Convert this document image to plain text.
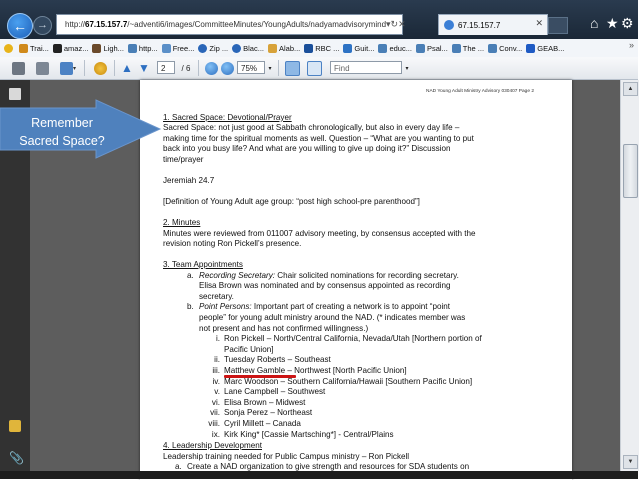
← →	http://67.15.157.7/~adventi6/images/CommitteeMinutes/YoungAdults/nadyamadvisorymind ▾ ↻ ✕	67.15.157.7	✕	⌂ ★ ⚙
Trai... amaz... Ligh... http... Free... Zip ... Blac... Alab... RBC ... Guit... educ... Psal... The ... Conv... GEAB...	»
▾	▲ ▼	2	/ 6	75%	▾	Find	▾
📎
NAD Young Adult Ministry Advisory 030407 Page 2
1. Sacred Space: Devotional/Prayer
Sacred Space: not just good at Sabbath chronologically, but also in every day life –
making time for the spiritual moments as well. Question – “What are you wanting to put
back into you busy life? And what are you willing to give up doing it?” Discussion
time/prayer
Jeremiah 24.7
[Definition of Young Adult age group: “post high school-pre parenthood”]
2. Minutes
Minutes were reviewed from 011007 advisory meeting, by consensus accepted with the
revision noting Ron Pickell’s presence.
3. Team Appointments
a. Recording Secretary: Chair solicited nominations for recording secretary.
Elisa Brown was nominated and by consensus appointed as recording
secretary.
b. Point Persons: Important part of creating a network is to appoint “point
people” for young adult ministry around the NAD. (* indicates member was
not present and has not confirmed willingness.)
i. Ron Pickell – North/Central California, Nevada/Utah [Northern portion of
Pacific Union]
ii. Tuesday Roberts – Southeast
iii. Matthew Gamble – Northwest [North Pacific Union]
iv. Marc Woodson – Southern California/Hawaii [Southern Pacific Union]
v. Lane Campbell – Southwest
vi. Elisa Brown – Midwest
vii. Sonja Perez – Northeast
viii. Cyril Millett – Canada
ix. Kirk King* [Cassie Martsching*] - Central/Plains
4. Leadership Development
Leadership training needed for Public Campus ministry – Ron Pickell
a. Create a NAD organization to give strength and resources for SDA students on
▲
▼
Remember
Sacred Space?
